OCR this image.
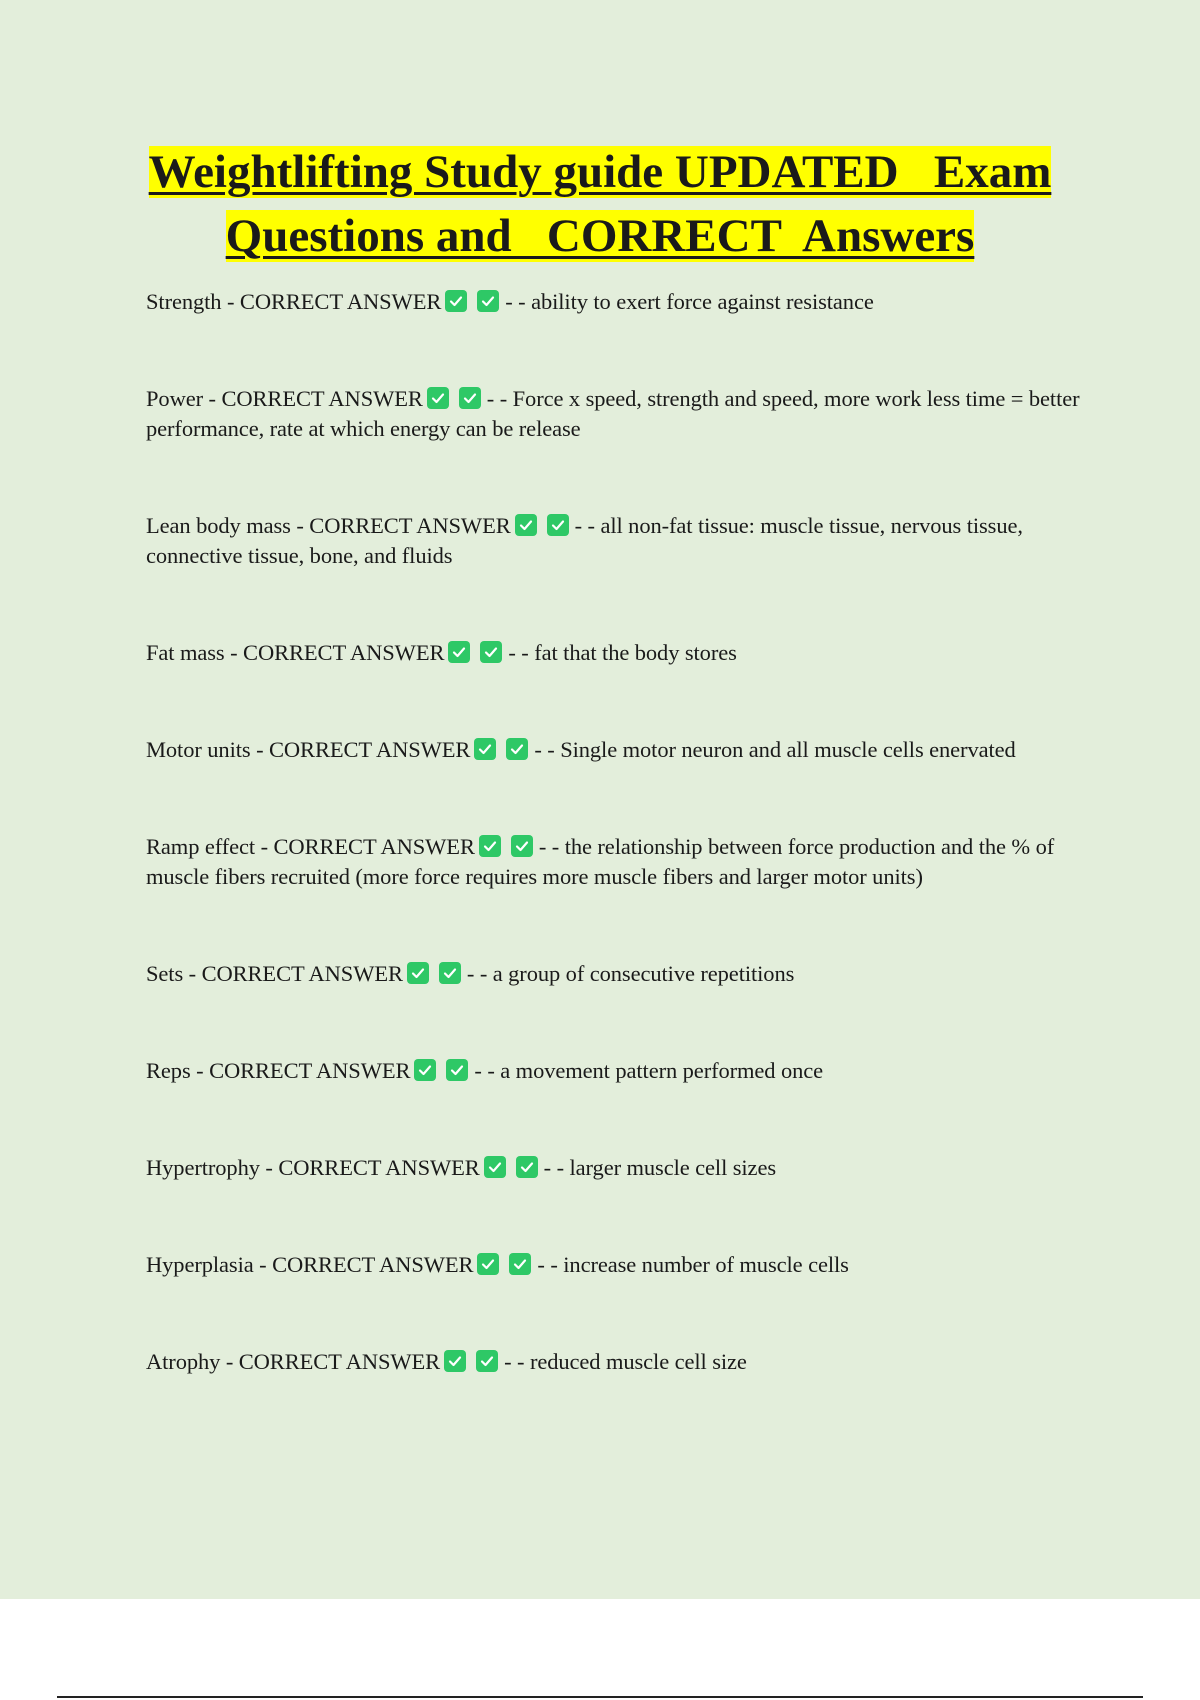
Weightlifting Study guide UPDATED   Exam
Questions and   CORRECT  Answers

Strength - CORRECT ANSWER	- - ability to exert force against resistance

Power - CORRECT ANSWER	- - Force x speed, strength and speed, more work less time = better performance, rate at which energy can be release

Lean body mass - CORRECT ANSWER	- - all non-fat tissue: muscle tissue, nervous tissue, connective tissue, bone, and fluids

Fat mass - CORRECT ANSWER	- - fat that the body stores

Motor units - CORRECT ANSWER	- - Single motor neuron and all muscle cells enervated

Ramp effect - CORRECT ANSWER	- - the relationship between force production and the % of muscle fibers recruited (more force requires more muscle fibers and larger motor units)

Sets - CORRECT ANSWER	- - a group of consecutive repetitions

Reps - CORRECT ANSWER	- - a movement pattern performed once

Hypertrophy - CORRECT ANSWER	- - larger muscle cell sizes

Hyperplasia - CORRECT ANSWER	- - increase number of muscle cells

Atrophy - CORRECT ANSWER	- - reduced muscle cell size
